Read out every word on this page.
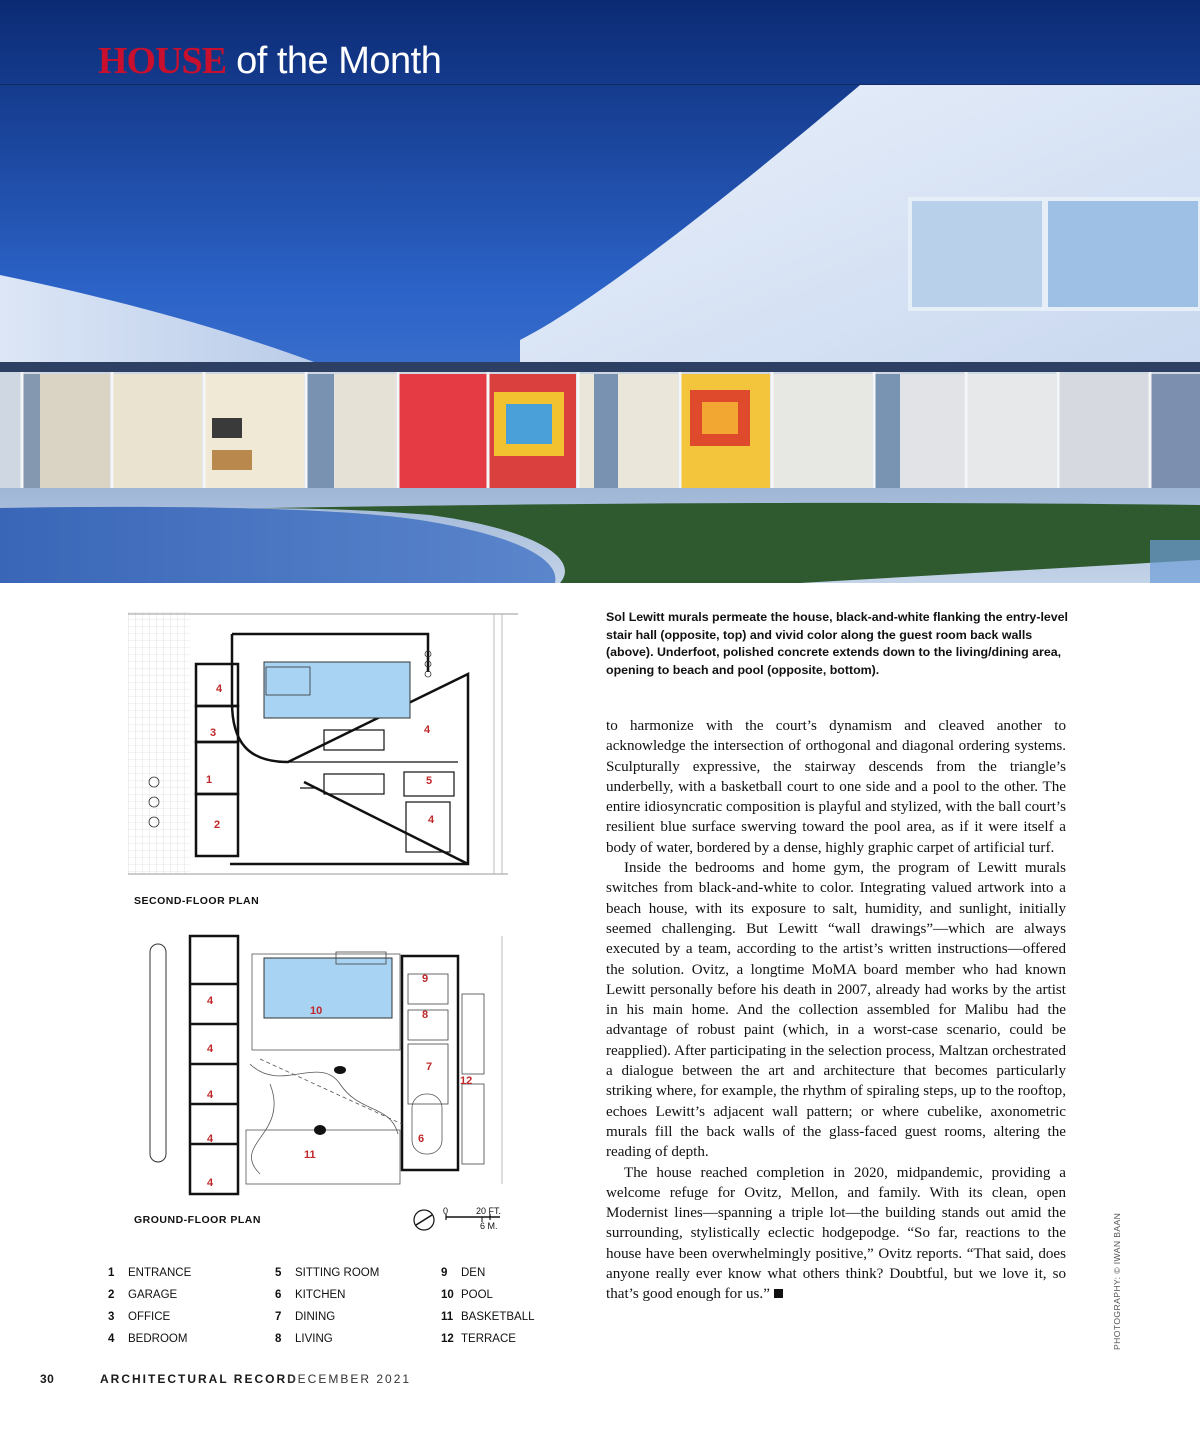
HOUSE of the Month
4
3
1
2
4
5
4
SECOND-FLOOR PLAN
4
4
4
4
4
10
9
8
7
12
6
11
GROUND-FLOOR PLAN
0	20 FT.
6 M.
1 ENTRANCE
2 GARAGE
3 OFFICE
4 BEDROOM
5 SITTING ROOM
6 KITCHEN
7 DINING
8 LIVING
9 DEN
10 POOL
11 BASKETBALL
12 TERRACE
Sol Lewitt murals permeate the house, black-and-white flanking the entry-level stair hall (opposite, top) and vivid color along the guest room back walls (above). Underfoot, polished concrete extends down to the living/dining area, opening to beach and pool (opposite, bottom).

to harmonize with the court’s dynamism and cleaved another to acknowledge the intersection of orthogonal and diagonal ordering systems. Sculpturally expressive, the stairway descends from the triangle’s underbelly, with a basketball court to one side and a pool to the other. The entire idiosyncratic composition is playful and stylized, with the ball court’s resilient blue surface swerving toward the pool area, as if it were itself a body of water, bordered by a dense, highly graphic carpet of artificial turf.

Inside the bedrooms and home gym, the program of Lewitt murals switches from black-and-white to color. Integrating valued artwork into a beach house, with its exposure to salt, humidity, and sunlight, initially seemed challenging. But Lewitt “wall drawings”—which are always executed by a team, according to the artist’s written instructions—offered the solution. Ovitz, a longtime MoMA board member who had known Lewitt personally before his death in 2007, already had works by the artist in his main home. And the collection assembled for Malibu had the advantage of robust paint (which, in a worst-case scenario, could be reapplied). After participating in the selection process, Maltzan orchestrated a dialogue between the art and architecture that becomes particularly striking where, for example, the rhythm of spiraling steps, up to the rooftop, echoes Lewitt’s adjacent wall pattern; or where cubelike, axonometric murals fill the back walls of the glass-faced guest rooms, altering the reading of depth.

The house reached completion in 2020, midpandemic, providing a welcome refuge for Ovitz, Mellon, and family. With its clean, open Modernist lines—spanning a triple lot—the building stands out amid the surrounding, stylistically eclectic hodgepodge. “So far, reactions to the house have been overwhelmingly positive,” Ovitz reports. “That said, does anyone really ever know what others think? Doubtful, but we love it, so that’s good enough for us.”	PHOTOGRAPHY: © IWAN BAAN
30	ARCHITECTURAL RECORD
DECEMBER 2021
